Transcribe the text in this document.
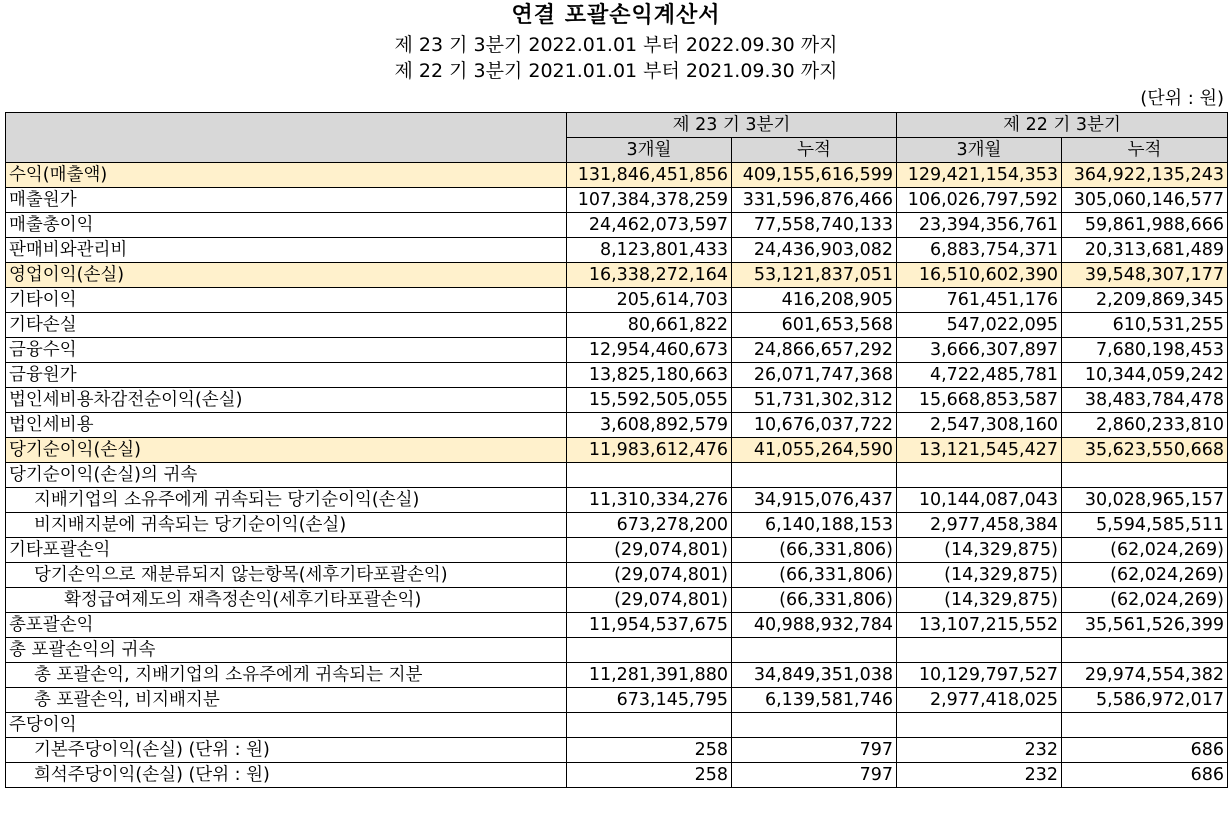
연결 포괄손익계산서
제 23 기 3분기 2022.01.01 부터 2022.09.30 까지
제 22 기 3분기 2021.01.01 부터 2021.09.30 까지
(단위 : 원)
	제 23 기 3분기		제 22 기 3분기	
	3개월	누적	3개월	누적
수익(매출액)	131,846,451,856	409,155,616,599	129,421,154,353	364,922,135,243
매출원가	107,384,378,259	331,596,876,466	106,026,797,592	305,060,146,577
매출총이익	24,462,073,597	77,558,740,133	23,394,356,761	59,861,988,666
판매비와관리비	8,123,801,433	24,436,903,082	6,883,754,371	20,313,681,489
영업이익(손실)	16,338,272,164	53,121,837,051	16,510,602,390	39,548,307,177
기타이익	205,614,703	416,208,905	761,451,176	2,209,869,345
기타손실	80,661,822	601,653,568	547,022,095	610,531,255
금융수익	12,954,460,673	24,866,657,292	3,666,307,897	7,680,198,453
금융원가	13,825,180,663	26,071,747,368	4,722,485,781	10,344,059,242
법인세비용차감전순이익(손실)	15,592,505,055	51,731,302,312	15,668,853,587	38,483,784,478
법인세비용	3,608,892,579	10,676,037,722	2,547,308,160	2,860,233,810
당기순이익(손실)	11,983,612,476	41,055,264,590	13,121,545,427	35,623,550,668
당기순이익(손실)의 귀속				
지배기업의 소유주에게 귀속되는 당기순이익(손실)	11,310,334,276	34,915,076,437	10,144,087,043	30,028,965,157
비지배지분에 귀속되는 당기순이익(손실)	673,278,200	6,140,188,153	2,977,458,384	5,594,585,511
기타포괄손익	(29,074,801)	(66,331,806)	(14,329,875)	(62,024,269)
당기손익으로 재분류되지 않는항목(세후기타포괄손익)	(29,074,801)	(66,331,806)	(14,329,875)	(62,024,269)
확정급여제도의 재측정손익(세후기타포괄손익)	(29,074,801)	(66,331,806)	(14,329,875)	(62,024,269)
총포괄손익	11,954,537,675	40,988,932,784	13,107,215,552	35,561,526,399
총 포괄손익의 귀속				
총 포괄손익, 지배기업의 소유주에게 귀속되는 지분	11,281,391,880	34,849,351,038	10,129,797,527	29,974,554,382
총 포괄손익, 비지배지분	673,145,795	6,139,581,746	2,977,418,025	5,586,972,017
주당이익				
기본주당이익(손실) (단위 : 원)	258	797	232	686
희석주당이익(손실) (단위 : 원)	258	797	232	686
